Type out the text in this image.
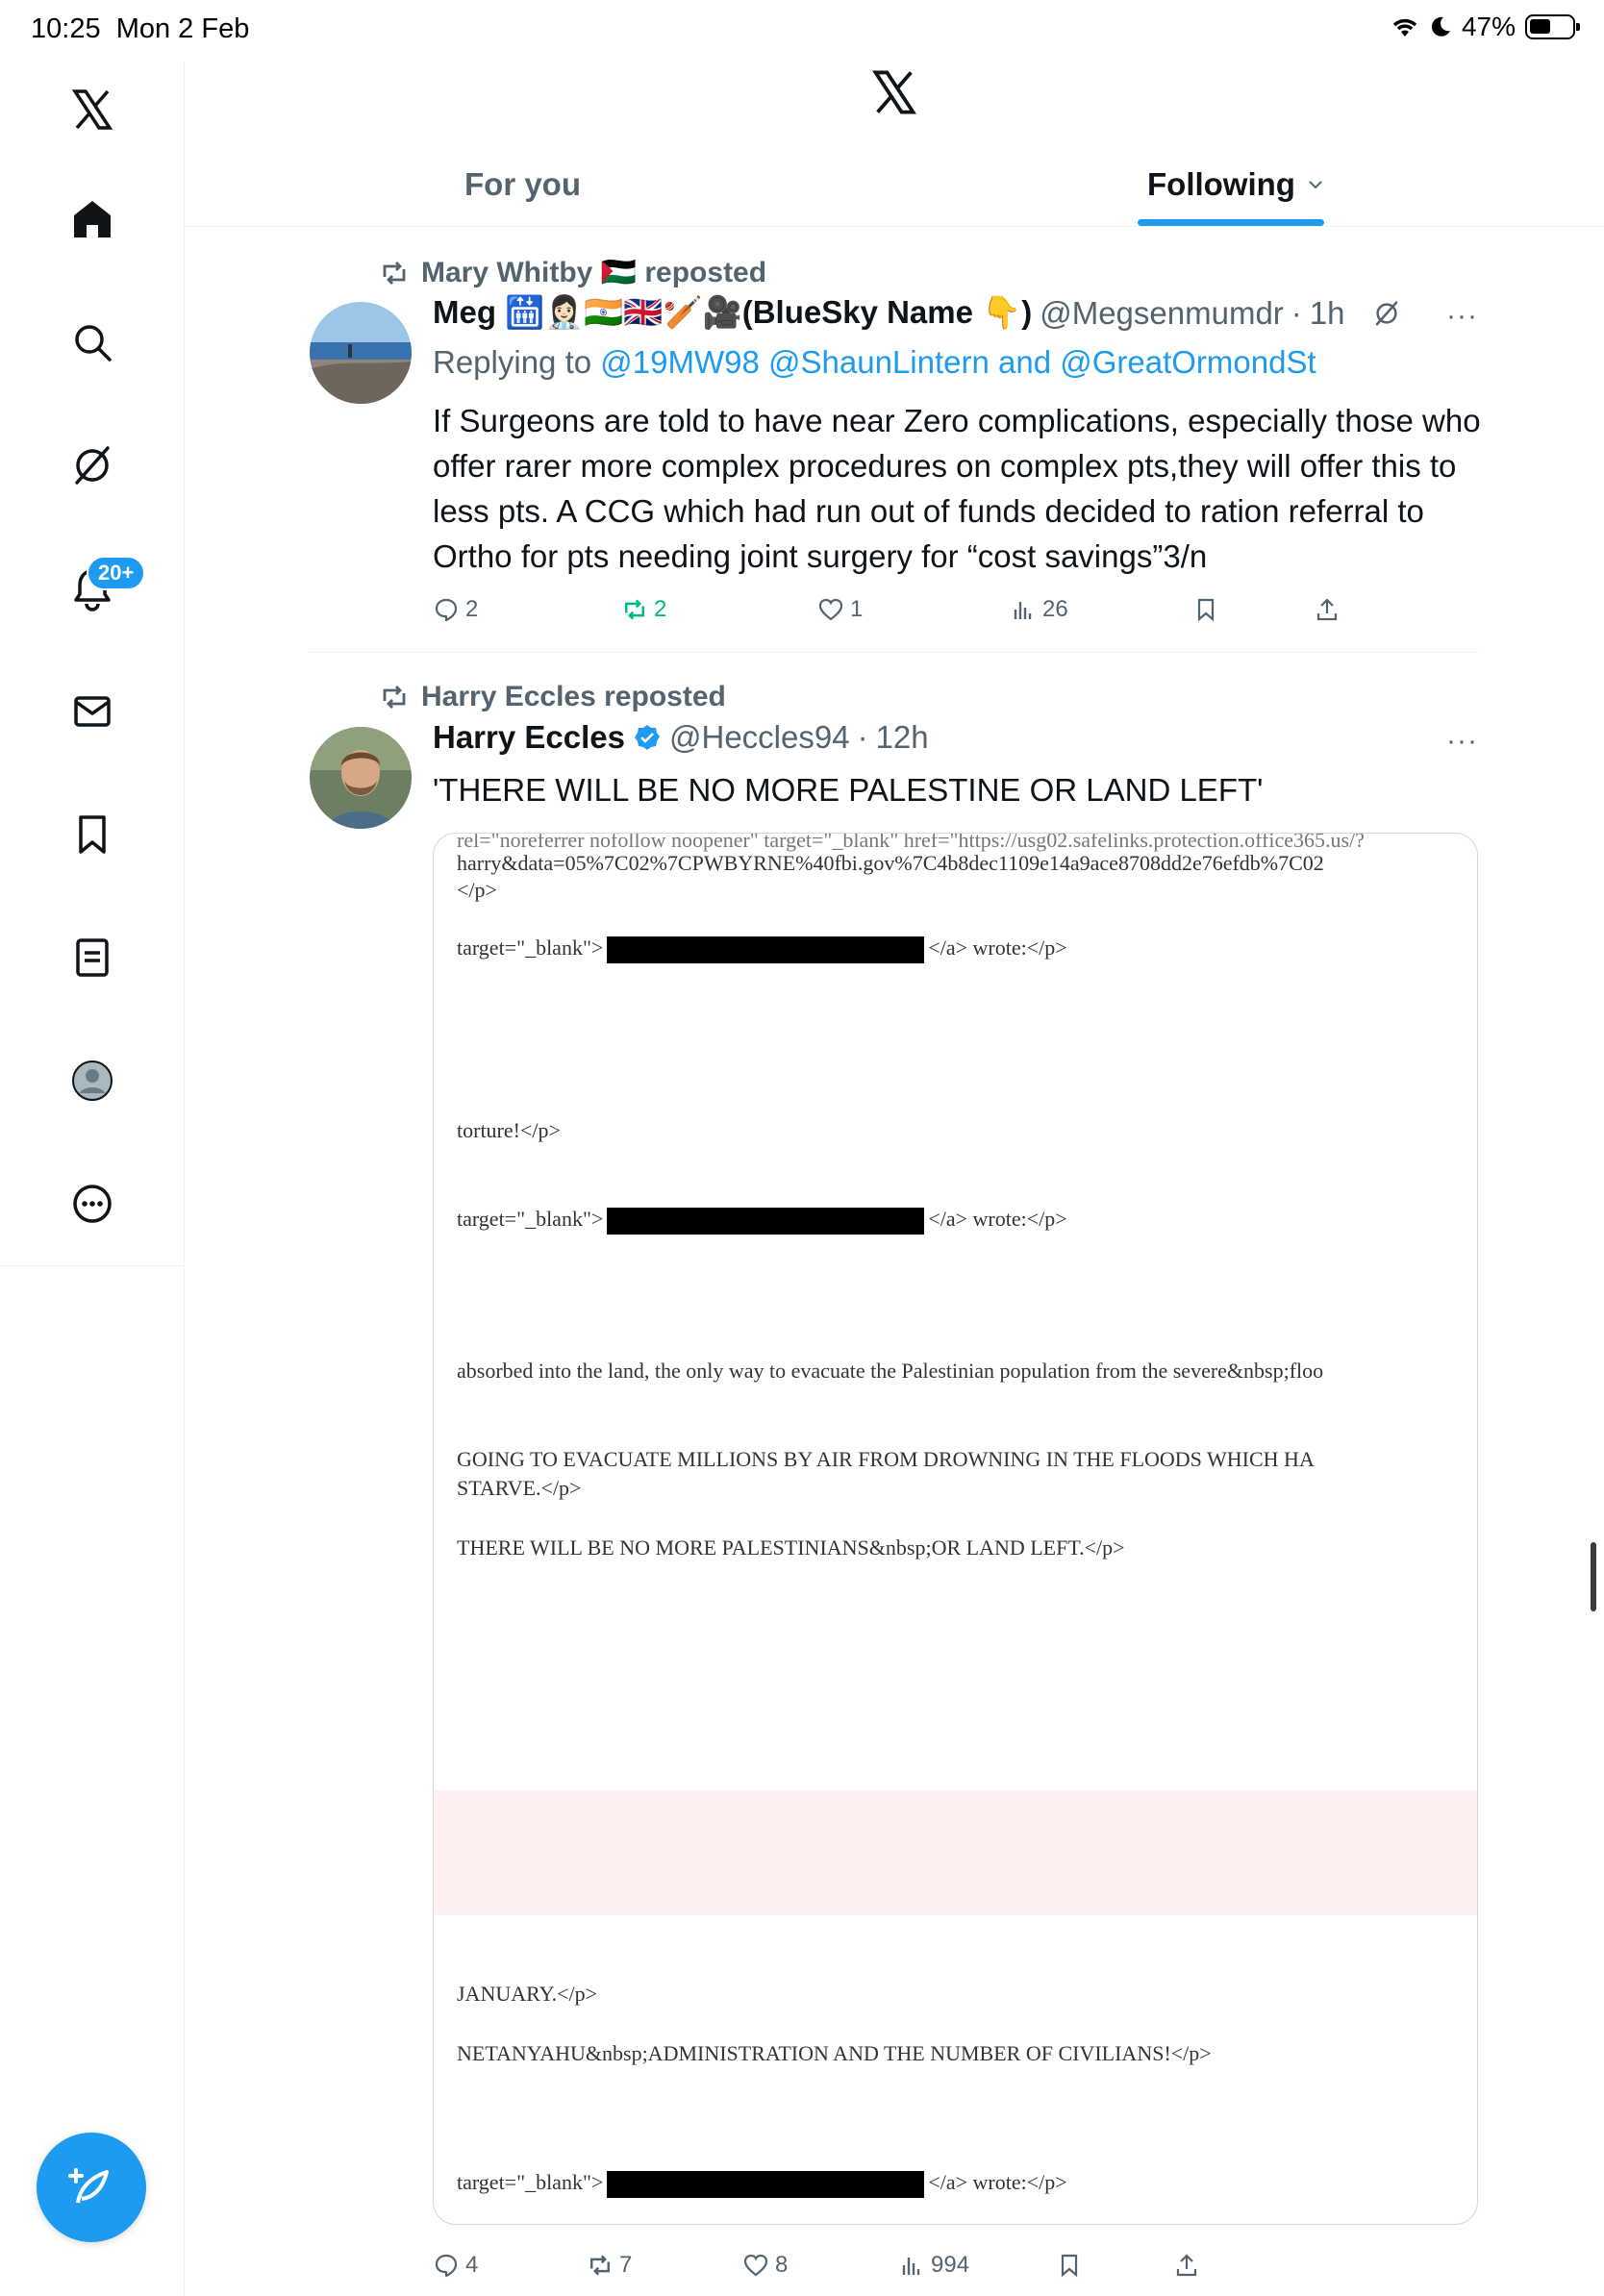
10:25 Mon 2 Feb	47%
20+
For you	Following
Mary Whitby 🇵🇸 reposted
Meg 🛗👩🏻‍⚕️🇮🇳🇬🇧🏏🎥(BlueSky Name 👇) @Megsenmumdr · 1h	···
Replying to @19MW98 @ShaunLintern and @GreatOrmondSt
If Surgeons are told to have near Zero complications, especially those who offer rarer more complex procedures on complex pts,they will offer this to less pts. A CCG which had run out of funds decided to ration referral to Ortho for pts needing joint surgery for “cost savings”3/n
2	2	1	26
Harry Eccles reposted
Harry Eccles @Heccles94 · 12h	···
'THERE WILL BE NO MORE PALESTINE OR LAND LEFT'
rel="noreferrer nofollow noopener" target="_blank" href="https://usg02.safelinks.protection.office365.us/?
harry&data=05%7C02%7CPWBYRNE%40fbi.gov%7C4b8dec1109e14a9ace8708dd2e76efdb%7C02
</p>
target="_blank">	</a> wrote:</p>
torture!</p>
target="_blank">	</a> wrote:</p>
absorbed into the land, the only way to evacuate the Palestinian population from the severe&nbsp;floo
GOING TO EVACUATE MILLIONS BY AIR FROM DROWNING IN THE FLOODS WHICH HA
STARVE.</p>
THERE WILL BE NO MORE PALESTINIANS&nbsp;OR LAND LEFT.</p>
JANUARY.</p>
NETANYAHU&nbsp;ADMINISTRATION AND THE NUMBER OF CIVILIANS!</p>
target="_blank">	</a> wrote:</p>
4	7	8	994
